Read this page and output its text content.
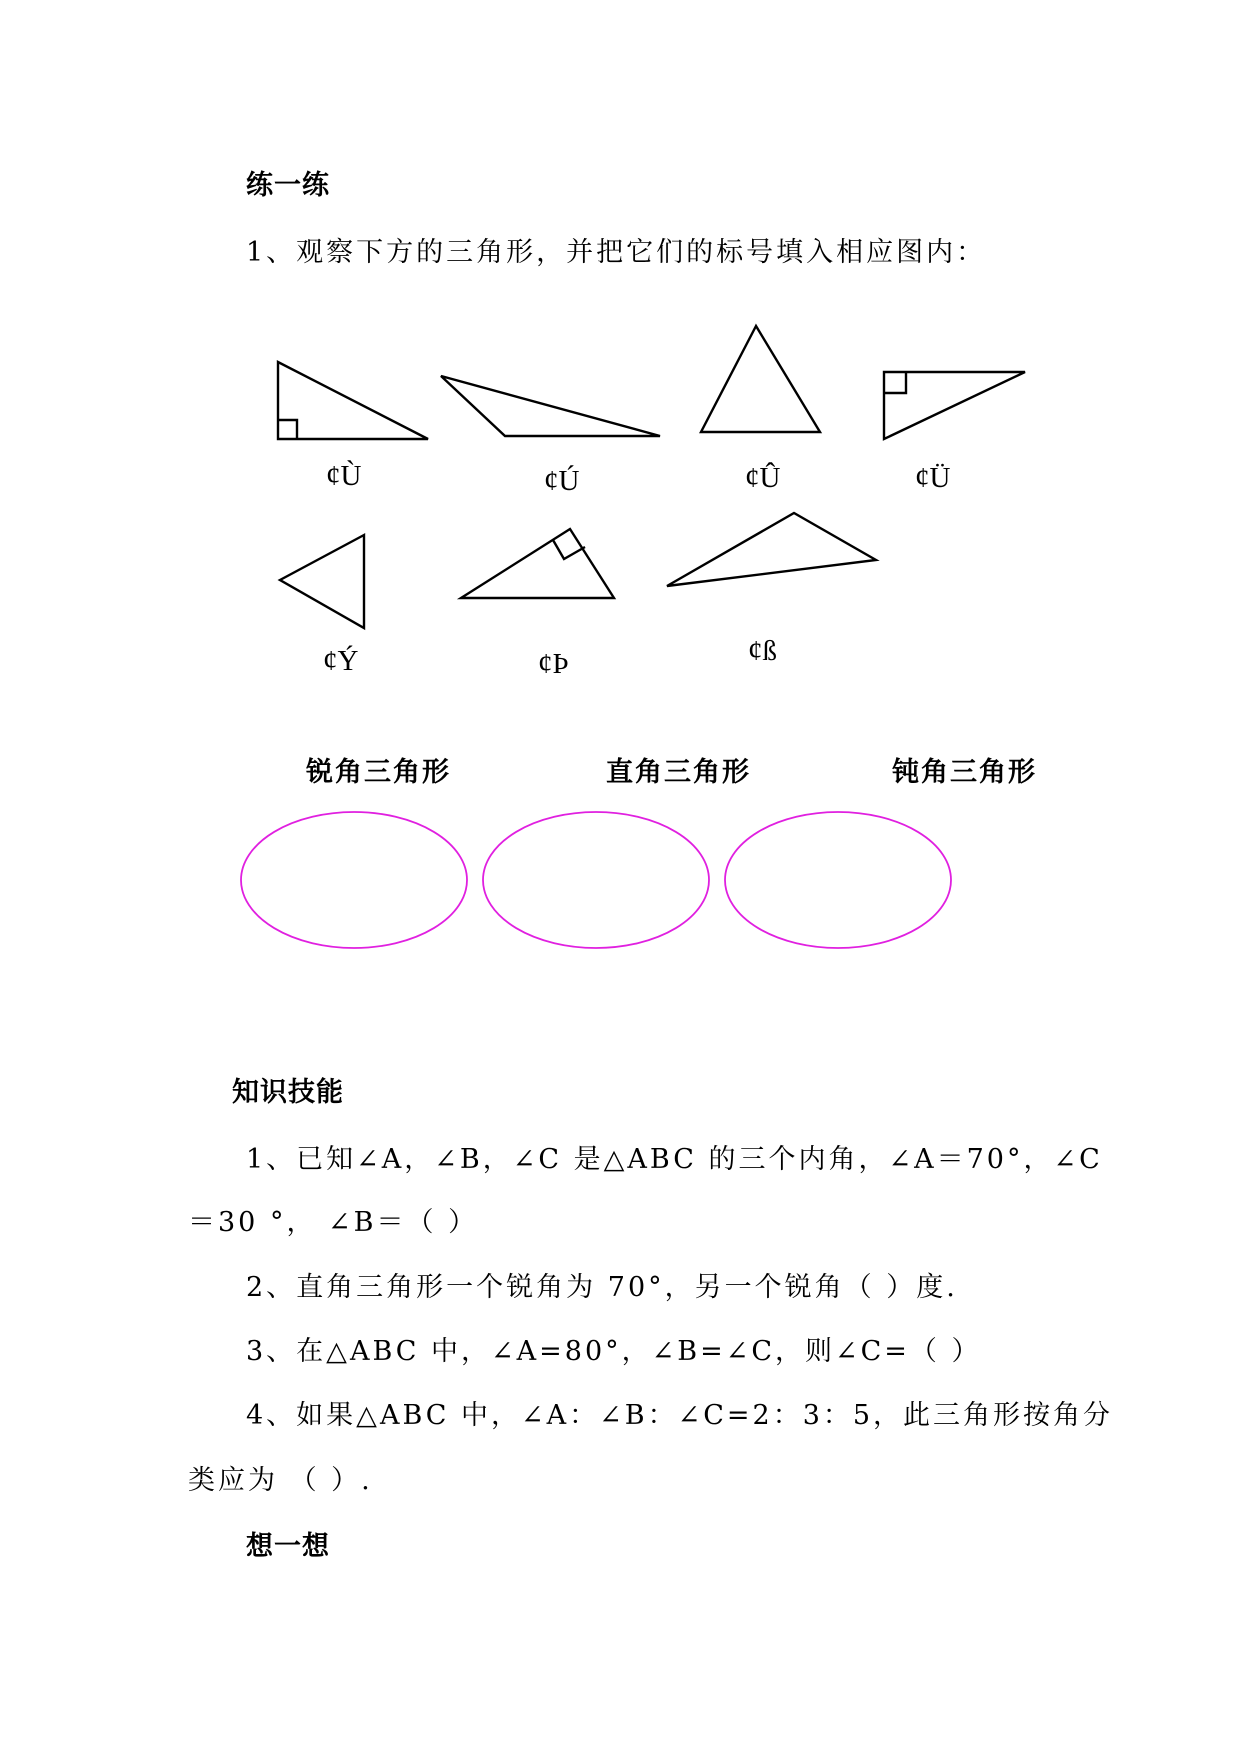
练一练
1、观察下方的三角形，并把它们的标号填入相应图内：
¢Ù	¢Ú	¢Û	¢Ü
¢Ý	¢Þ	¢ß
锐角三角形	直角三角形	钝角三角形
知识技能
1、已知∠A，∠B，∠C 是△ABC 的三个内角，∠A＝70°，∠C
＝30 °， ∠B＝（ ）
2、直角三角形一个锐角为 70°，另一个锐角（ ）度.
3、在△ABC 中，∠A=80°，∠B=∠C，则∠C=（ ）
4、如果△ABC 中，∠A：∠B：∠C=2：3：5，此三角形按角分
类应为 （ ）.
想一想
